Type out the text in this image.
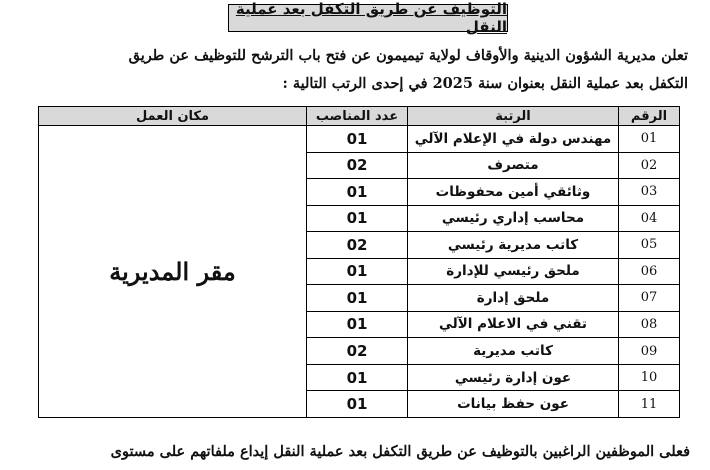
التوظيف عن طريق التكفل بعد عملية النقل

تعلن مديرية الشؤون الدينية والأوقاف لولاية تيميمون عن فتح باب الترشح للتوظيف عن طريق

التكفل بعد عملية النقل بعنوان سنة 2025 في إحدى الرتب التالية :

الرقم	الرتبة	عدد المناصب	مكان العمل
01	مهندس دولة في الإعلام الآلي	01	مقر المديرية
02	متصرف	02	
03	وثائقي أمين محفوظات	01	
04	محاسب إداري رئيسي	01	
05	كاتب مديرية رئيسي	02	
06	ملحق رئيسي للإدارة	01	
07	ملحق إدارة	01	
08	تقني في الاعلام الآلي	01	
09	كاتب مديرية	02	
10	عون إدارة رئيسي	01	
11	عون حفظ بيانات	01	

فعلى الموظفين الراغبين بالتوظيف عن طريق التكفل بعد عملية النقل إيداع ملفاتهم على مستوى
